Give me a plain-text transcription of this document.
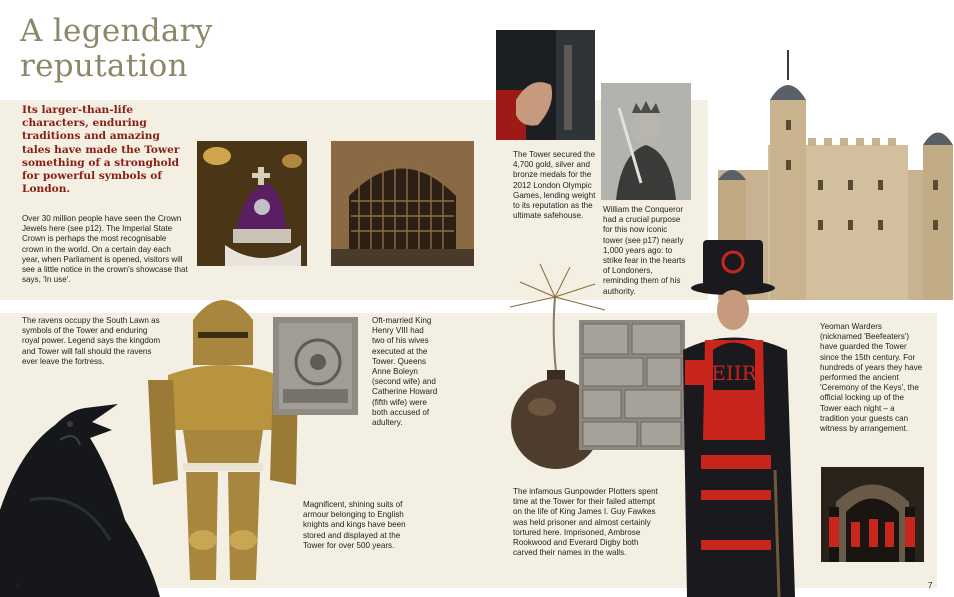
A legendary
reputation

Its larger-than-life characters, enduring traditions and amazing tales have made the Tower something of a stronghold for powerful symbols of London.

EIIR

Over 30 million people have seen the Crown Jewels here (see p12). The Imperial State Crown is perhaps the most recognisable crown in the world. On a certain day each year, when Parliament is opened, visitors will see a little notice in the crown's showcase that says, 'In use'.

The Tower secured the 4,700 gold, silver and bronze medals for the 2012 London Olympic Games, lending weight to its reputation as the ultimate safehouse.

William the Conqueror had a crucial purpose for this now iconic tower (see p17) nearly 1,000 years ago: to strike fear in the hearts of Londoners, reminding them of his authority.

The ravens occupy the South Lawn as symbols of the Tower and enduring royal power. Legend says the kingdom and Tower will fall should the ravens ever leave the fortress.

Oft-married King Henry VIII had two of his wives executed at the Tower. Queens Anne Boleyn (second wife) and Catherine Howard (fifth wife) were both accused of adultery.

Magnificent, shining suits of armour belonging to English knights and kings have been stored and displayed at the Tower for over 500 years.

The infamous Gunpowder Plotters spent time at the Tower for their failed attempt on the life of King James I. Guy Fawkes was held prisoner and almost certainly tortured here. Imprisoned, Ambrose Rookwood and Everard Digby both carved their names in the walls.

Yeoman Warders (nicknamed 'Beefeaters') have guarded the Tower since the 15th century. For hundreds of years they have performed the ancient 'Ceremony of the Keys', the official locking up of the Tower each night – a tradition your guests can witness by arrangement.

6	7
